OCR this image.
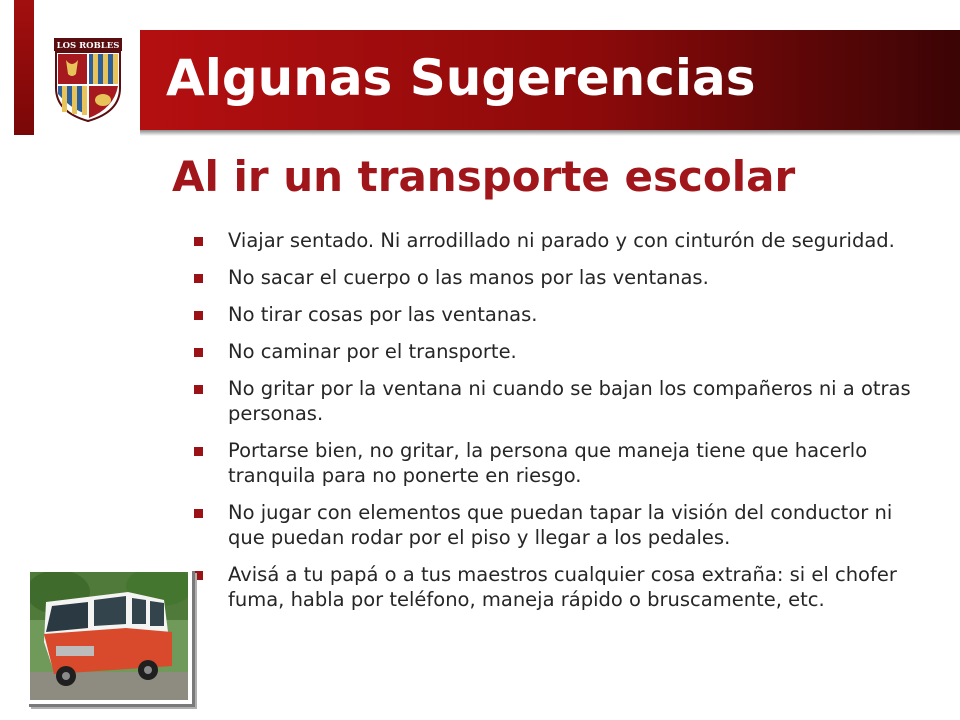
LOS ROBLES
Algunas Sugerencias
Al ir un transporte escolar
Viajar sentado. Ni arrodillado ni parado y con cinturón de seguridad.
No sacar el cuerpo o las manos por las ventanas.
No tirar cosas por las ventanas.
No caminar por el transporte.
No gritar por la ventana ni cuando se bajan los compañeros ni a otras personas.
Portarse bien, no gritar, la persona que maneja tiene que hacerlo tranquila para no ponerte en riesgo.
No jugar con elementos que puedan tapar la visión del conductor ni que puedan rodar por el piso y llegar a los pedales.
Avisá a tu papá o a tus maestros cualquier cosa extraña: si el chofer fuma, habla por teléfono, maneja rápido o bruscamente, etc.
